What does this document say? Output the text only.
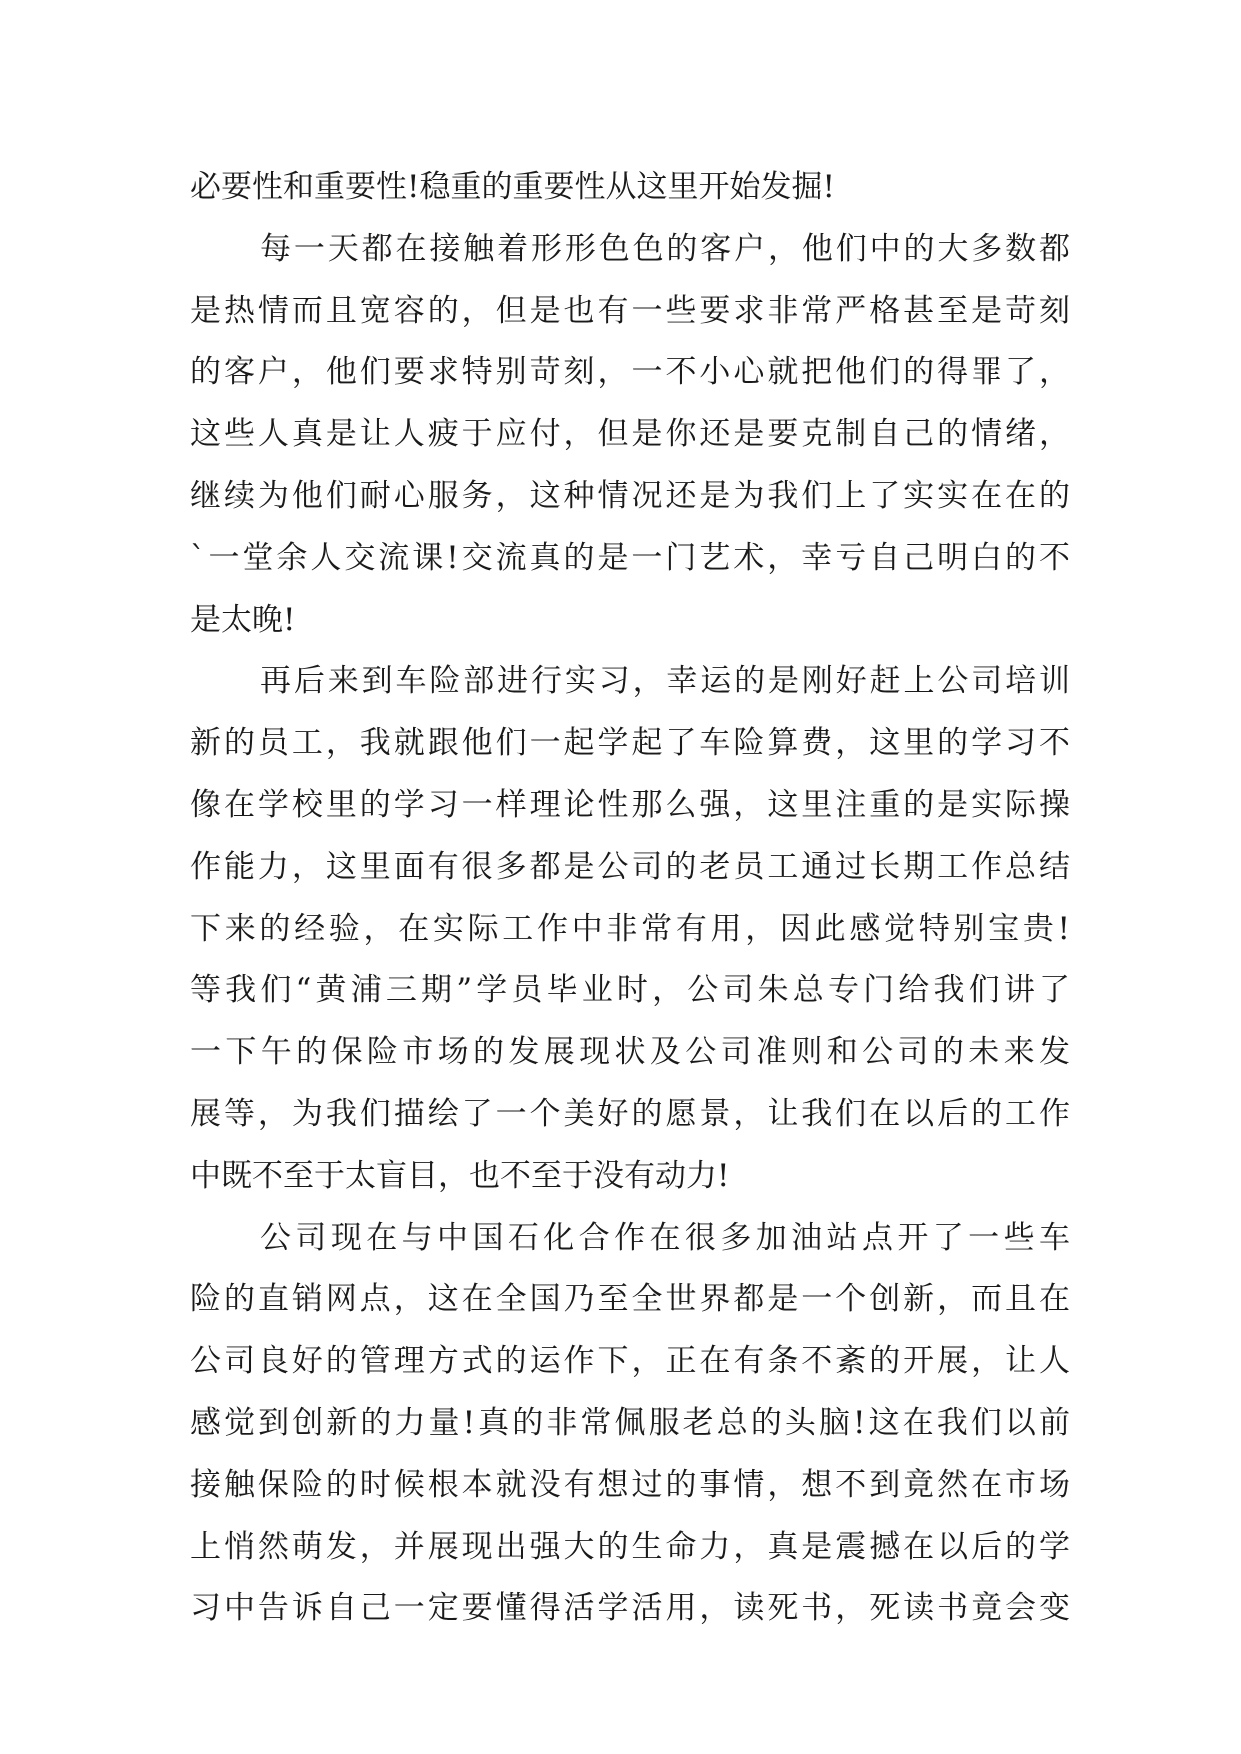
必要性和重要性!稳重的重要性从这里开始发掘!
每一天都在接触着形形色色的客户，他们中的大多数都
是热情而且宽容的，但是也有一些要求非常严格甚至是苛刻
的客户，他们要求特别苛刻，一不小心就把他们的得罪了，
这些人真是让人疲于应付，但是你还是要克制自己的情绪，
继续为他们耐心服务，这种情况还是为我们上了实实在在的
`一堂余人交流课!交流真的是一门艺术，幸亏自己明白的不
是太晚!
再后来到车险部进行实习，幸运的是刚好赶上公司培训
新的员工，我就跟他们一起学起了车险算费，这里的学习不
像在学校里的学习一样理论性那么强，这里注重的是实际操
作能力，这里面有很多都是公司的老员工通过长期工作总结
下来的经验，在实际工作中非常有用，因此感觉特别宝贵!
等我们“黄浦三期”学员毕业时，公司朱总专门给我们讲了
一下午的保险市场的发展现状及公司准则和公司的未来发
展等，为我们描绘了一个美好的愿景，让我们在以后的工作
中既不至于太盲目，也不至于没有动力!
公司现在与中国石化合作在很多加油站点开了一些车
险的直销网点，这在全国乃至全世界都是一个创新，而且在
公司良好的管理方式的运作下，正在有条不紊的开展，让人
感觉到创新的力量!真的非常佩服老总的头脑!这在我们以前
接触保险的时候根本就没有想过的事情，想不到竟然在市场
上悄然萌发，并展现出强大的生命力，真是震撼在以后的学
习中告诉自己一定要懂得活学活用，读死书，死读书竟会变
